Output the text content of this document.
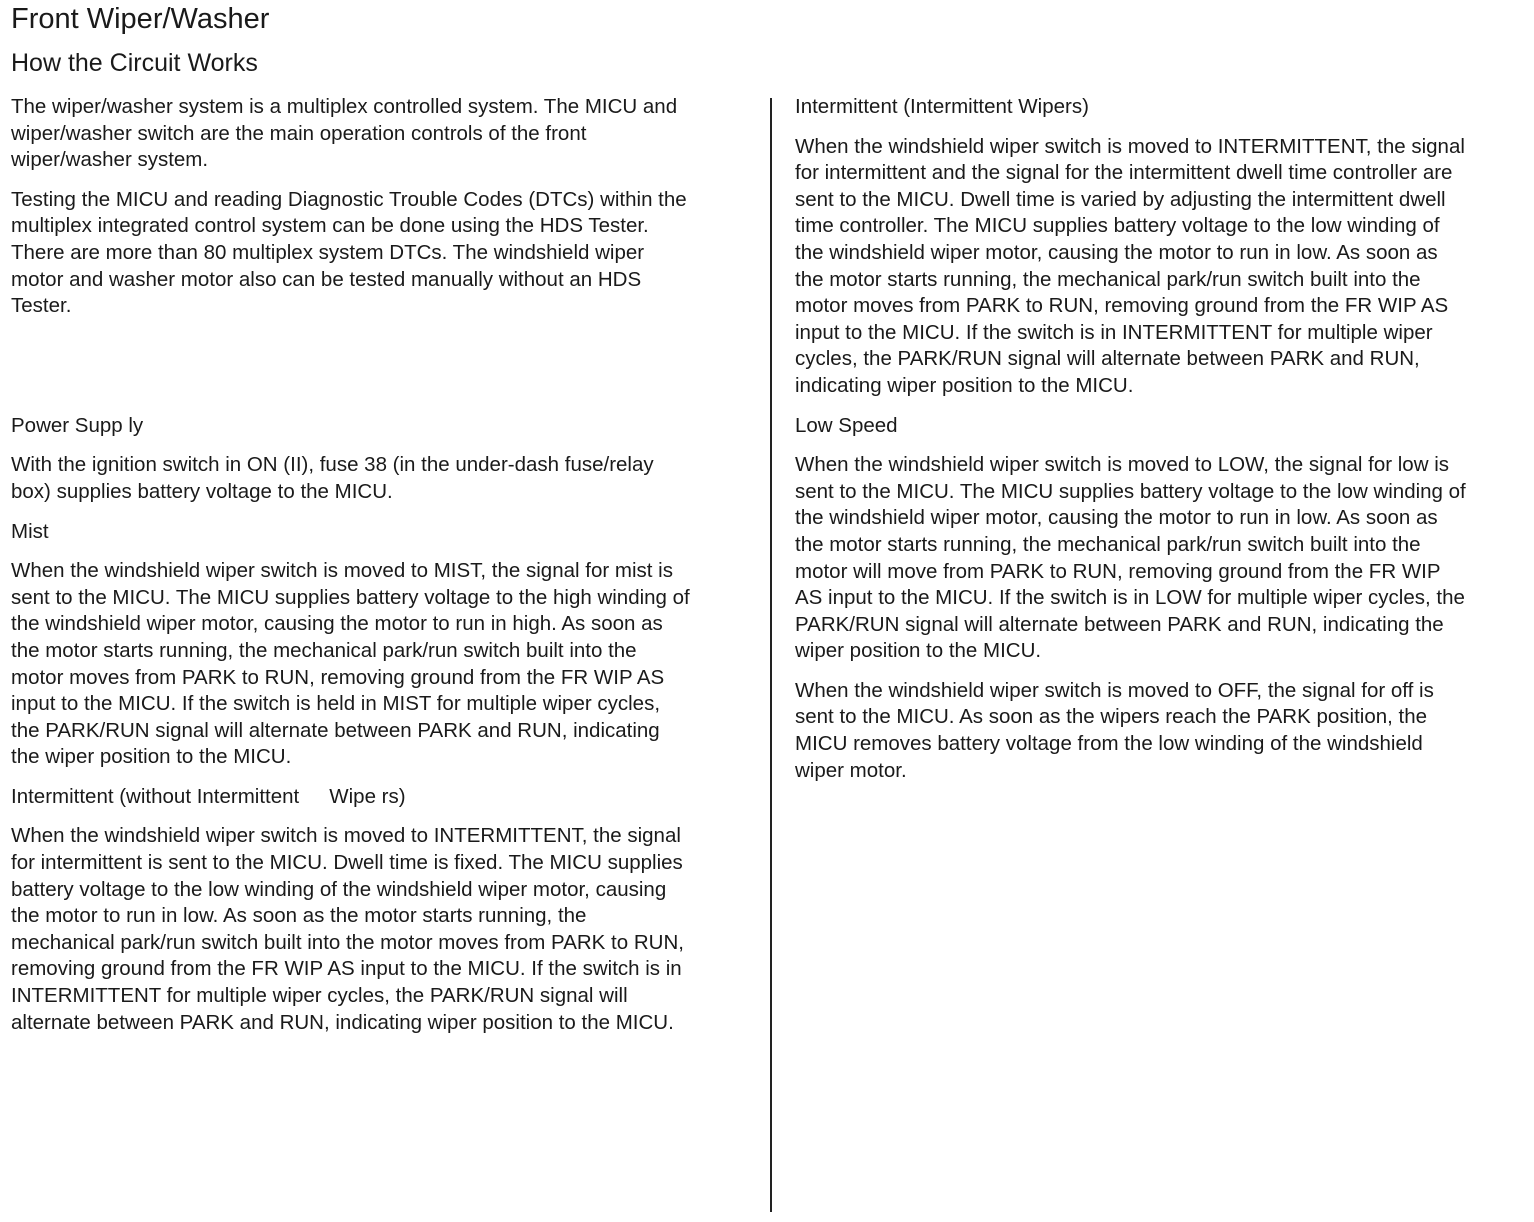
Front Wiper/Washer
How the Circuit Works

The wiper/washer system is a multiplex controlled system. The MICU and
wiper/washer switch are the main operation controls of the front
wiper/washer system.

Testing the MICU and reading Diagnostic Trouble Codes (DTCs) within the
multiplex integrated control system can be done using the HDS Tester.
There are more than 80 multiplex system DTCs. The windshield wiper
motor and washer motor also can be tested manually without an HDS
Tester.

Power Supp ly

With the ignition switch in ON (II), fuse 38 (in the under-dash fuse/relay
box) supplies battery voltage to the MICU.

Mist

When the windshield wiper switch is moved to MIST, the signal for mist is
sent to the MICU. The MICU supplies battery voltage to the high winding of
the windshield wiper motor, causing the motor to run in high. As soon as
the motor starts running, the mechanical park/run switch built into the
motor moves from PARK to RUN, removing ground from the FR WIP AS
input to the MICU. If the switch is held in MIST for multiple wiper cycles,
the PARK/RUN signal will alternate between PARK and RUN, indicating
the wiper position to the MICU.

Intermittent (without Intermittent Wipe rs)

When the windshield wiper switch is moved to INTERMITTENT, the signal
for intermittent is sent to the MICU. Dwell time is fixed. The MICU supplies
battery voltage to the low winding of the windshield wiper motor, causing
the motor to run in low. As soon as the motor starts running, the
mechanical park/run switch built into the motor moves from PARK to RUN,
removing ground from the FR WIP AS input to the MICU. If the switch is in
INTERMITTENT for multiple wiper cycles, the PARK/RUN signal will
alternate between PARK and RUN, indicating wiper position to the MICU.

Intermittent (Intermittent Wipers)

When the windshield wiper switch is moved to INTERMITTENT, the signal
for intermittent and the signal for the intermittent dwell time controller are
sent to the MICU. Dwell time is varied by adjusting the intermittent dwell
time controller. The MICU supplies battery voltage to the low winding of
the windshield wiper motor, causing the motor to run in low. As soon as
the motor starts running, the mechanical park/run switch built into the
motor moves from PARK to RUN, removing ground from the FR WIP AS
input to the MICU. If the switch is in INTERMITTENT for multiple wiper
cycles, the PARK/RUN signal will alternate between PARK and RUN,
indicating wiper position to the MICU.

Low Speed

When the windshield wiper switch is moved to LOW, the signal for low is
sent to the MICU. The MICU supplies battery voltage to the low winding of
the windshield wiper motor, causing the motor to run in low. As soon as
the motor starts running, the mechanical park/run switch built into the
motor will move from PARK to RUN, removing ground from the FR WIP
AS input to the MICU. If the switch is in LOW for multiple wiper cycles, the
PARK/RUN signal will alternate between PARK and RUN, indicating the
wiper position to the MICU.

When the windshield wiper switch is moved to OFF, the signal for off is
sent to the MICU. As soon as the wipers reach the PARK position, the
MICU removes battery voltage from the low winding of the windshield
wiper motor.
